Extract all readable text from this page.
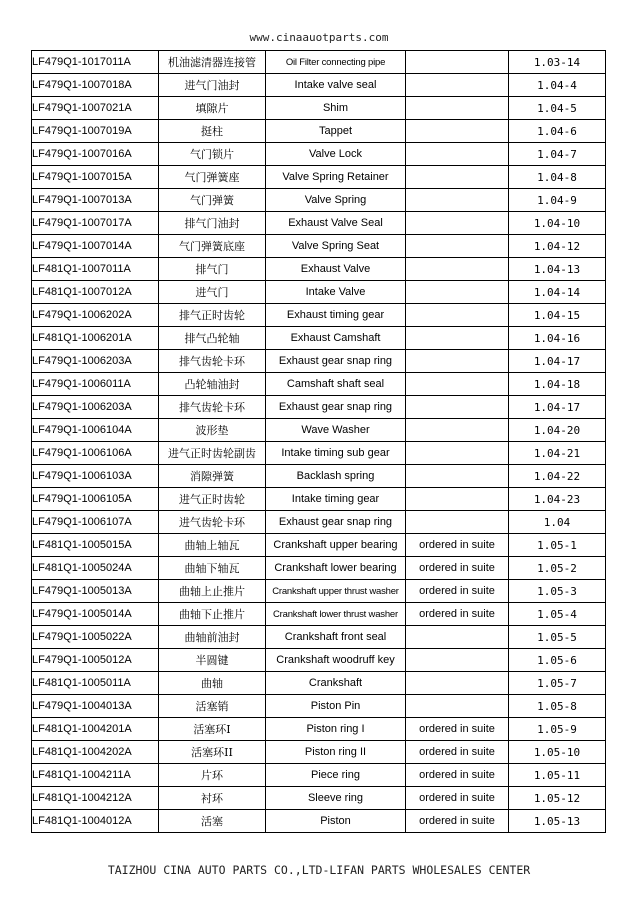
www.cinaauotparts.com
LF479Q1-1017011A	机油滤清器连接管	Oil Filter connecting pipe		1.03-14
LF479Q1-1007018A	进气门油封	Intake valve seal		1.04-4
LF479Q1-1007021A	填隙片	Shim		1.04-5
LF479Q1-1007019A	挺柱	Tappet		1.04-6
LF479Q1-1007016A	气门锁片	Valve Lock		1.04-7
LF479Q1-1007015A	气门弹簧座	Valve Spring Retainer		1.04-8
LF479Q1-1007013A	气门弹簧	Valve Spring		1.04-9
LF479Q1-1007017A	排气门油封	Exhaust Valve Seal		1.04-10
LF479Q1-1007014A	气门弹簧底座	Valve Spring Seat		1.04-12
LF481Q1-1007011A	排气门	Exhaust Valve		1.04-13
LF481Q1-1007012A	进气门	Intake Valve		1.04-14
LF479Q1-1006202A	排气正时齿轮	Exhaust timing gear		1.04-15
LF481Q1-1006201A	排气凸轮轴	Exhaust Camshaft		1.04-16
LF479Q1-1006203A	排气齿轮卡环	Exhaust gear snap ring		1.04-17
LF479Q1-1006011A	凸轮轴油封	Camshaft shaft seal		1.04-18
LF479Q1-1006203A	排气齿轮卡环	Exhaust gear snap ring		1.04-17
LF479Q1-1006104A	波形垫	Wave Washer		1.04-20
LF479Q1-1006106A	进气正时齿轮副齿	Intake timing sub gear		1.04-21
LF479Q1-1006103A	消隙弹簧	Backlash spring		1.04-22
LF479Q1-1006105A	进气正时齿轮	Intake timing gear		1.04-23
LF479Q1-1006107A	进气齿轮卡环	Exhaust gear snap ring		1.04
LF481Q1-1005015A	曲轴上轴瓦	Crankshaft upper bearing	ordered in suite	1.05-1
LF481Q1-1005024A	曲轴下轴瓦	Crankshaft lower bearing	ordered in suite	1.05-2
LF479Q1-1005013A	曲轴上止推片	Crankshaft upper thrust washer	ordered in suite	1.05-3
LF479Q1-1005014A	曲轴下止推片	Crankshaft lower thrust washer	ordered in suite	1.05-4
LF479Q1-1005022A	曲轴前油封	Crankshaft front seal		1.05-5
LF479Q1-1005012A	半圆键	Crankshaft woodruff key		1.05-6
LF481Q1-1005011A	曲轴	Crankshaft		1.05-7
LF479Q1-1004013A	活塞销	Piston Pin		1.05-8
LF481Q1-1004201A	活塞环I	Piston ring I	ordered in suite	1.05-9
LF481Q1-1004202A	活塞环II	Piston ring II	ordered in suite	1.05-10
LF481Q1-1004211A	片环	Piece ring	ordered in suite	1.05-11
LF481Q1-1004212A	衬环	Sleeve ring	ordered in suite	1.05-12
LF481Q1-1004012A	活塞	Piston	ordered in suite	1.05-13
TAIZHOU CINA AUTO PARTS CO.,LTD-LIFAN PARTS WHOLESALES CENTER
